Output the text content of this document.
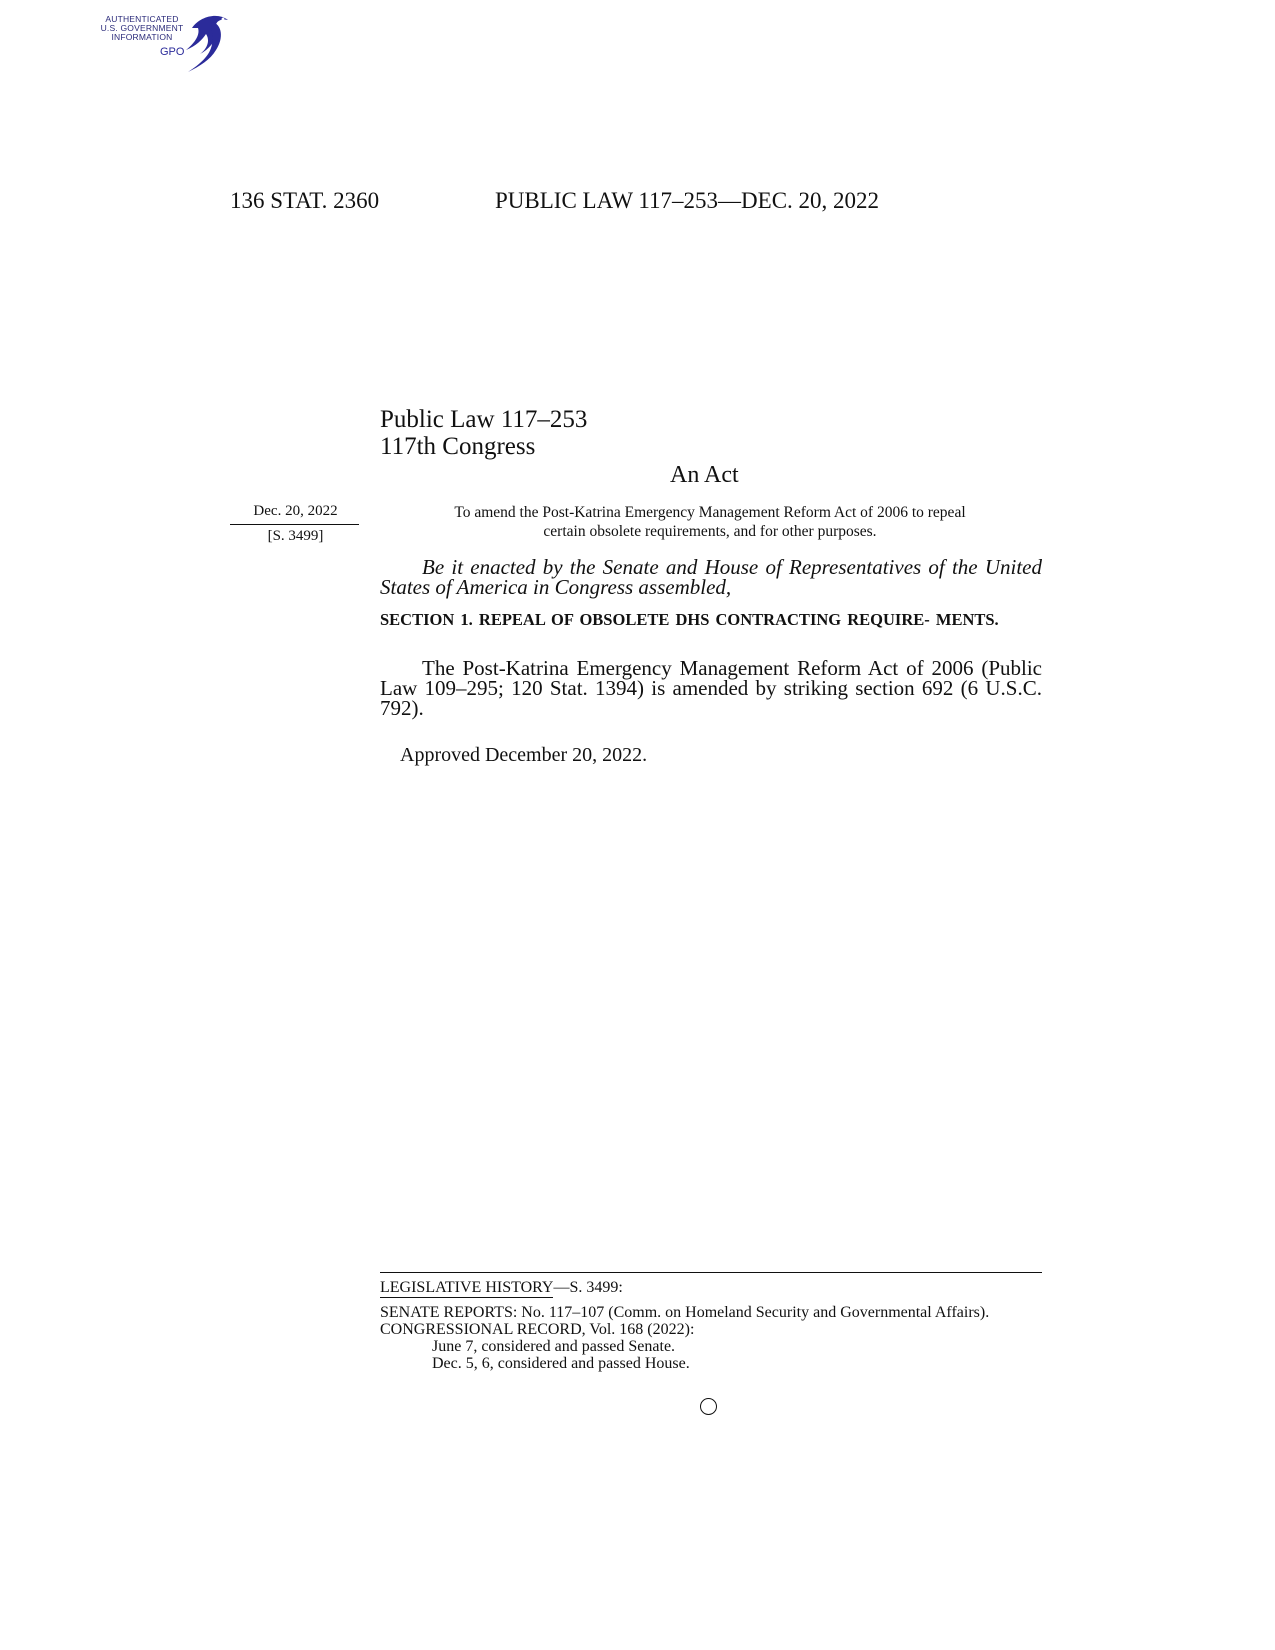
AUTHENTICATED
U.S. GOVERNMENT
INFORMATION
GPO
136 STAT. 2360	PUBLIC LAW 117–253—DEC. 20, 2022
Public Law 117–253
117th Congress
An Act
Dec. 20, 2022
[S. 3499]
To amend the Post-Katrina Emergency Management Reform Act of 2006 to repeal
certain obsolete requirements, and for other purposes.
Be it enacted by the Senate and House of Representatives of the United States of America in Congress assembled,
SECTION 1. REPEAL OF OBSOLETE DHS CONTRACTING REQUIRE- MENTS.
The Post-Katrina Emergency Management Reform Act of 2006 (Public Law 109–295; 120 Stat. 1394) is amended by striking section 692 (6 U.S.C. 792).
Approved December 20, 2022.
LEGISLATIVE HISTORY—S. 3499:
SENATE REPORTS: No. 117–107 (Comm. on Homeland Security and Governmental Affairs).
CONGRESSIONAL RECORD, Vol. 168 (2022):
June 7, considered and passed Senate.
Dec. 5, 6, considered and passed House.
